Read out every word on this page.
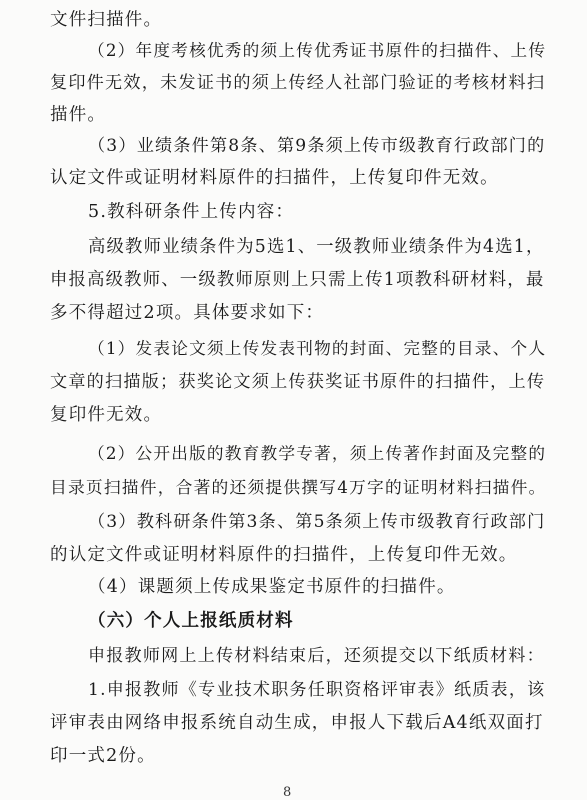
文件扫描件。
（2）年度考核优秀的须上传优秀证书原件的扫描件、上传
复印件无效，未发证书的须上传经人社部门验证的考核材料扫
描件。
（3）业绩条件第8条、第9条须上传市级教育行政部门的
认定文件或证明材料原件的扫描件，上传复印件无效。
5.教科研条件上传内容：
高级教师业绩条件为5选1、一级教师业绩条件为4选1，
申报高级教师、一级教师原则上只需上传1项教科研材料，最
多不得超过2项。具体要求如下：
（1）发表论文须上传发表刊物的封面、完整的目录、个人
文章的扫描版；获奖论文须上传获奖证书原件的扫描件，上传
复印件无效。
（2）公开出版的教育教学专著，须上传著作封面及完整的
目录页扫描件，合著的还须提供撰写4万字的证明材料扫描件。
（3）教科研条件第3条、第5条须上传市级教育行政部门
的认定文件或证明材料原件的扫描件，上传复印件无效。
（4）课题须上传成果鉴定书原件的扫描件。
（六）个人上报纸质材料
申报教师网上上传材料结束后，还须提交以下纸质材料：
1.申报教师《专业技术职务任职资格评审表》纸质表，该
评审表由网络申报系统自动生成，申报人下载后A4纸双面打
印一式2份。
8
